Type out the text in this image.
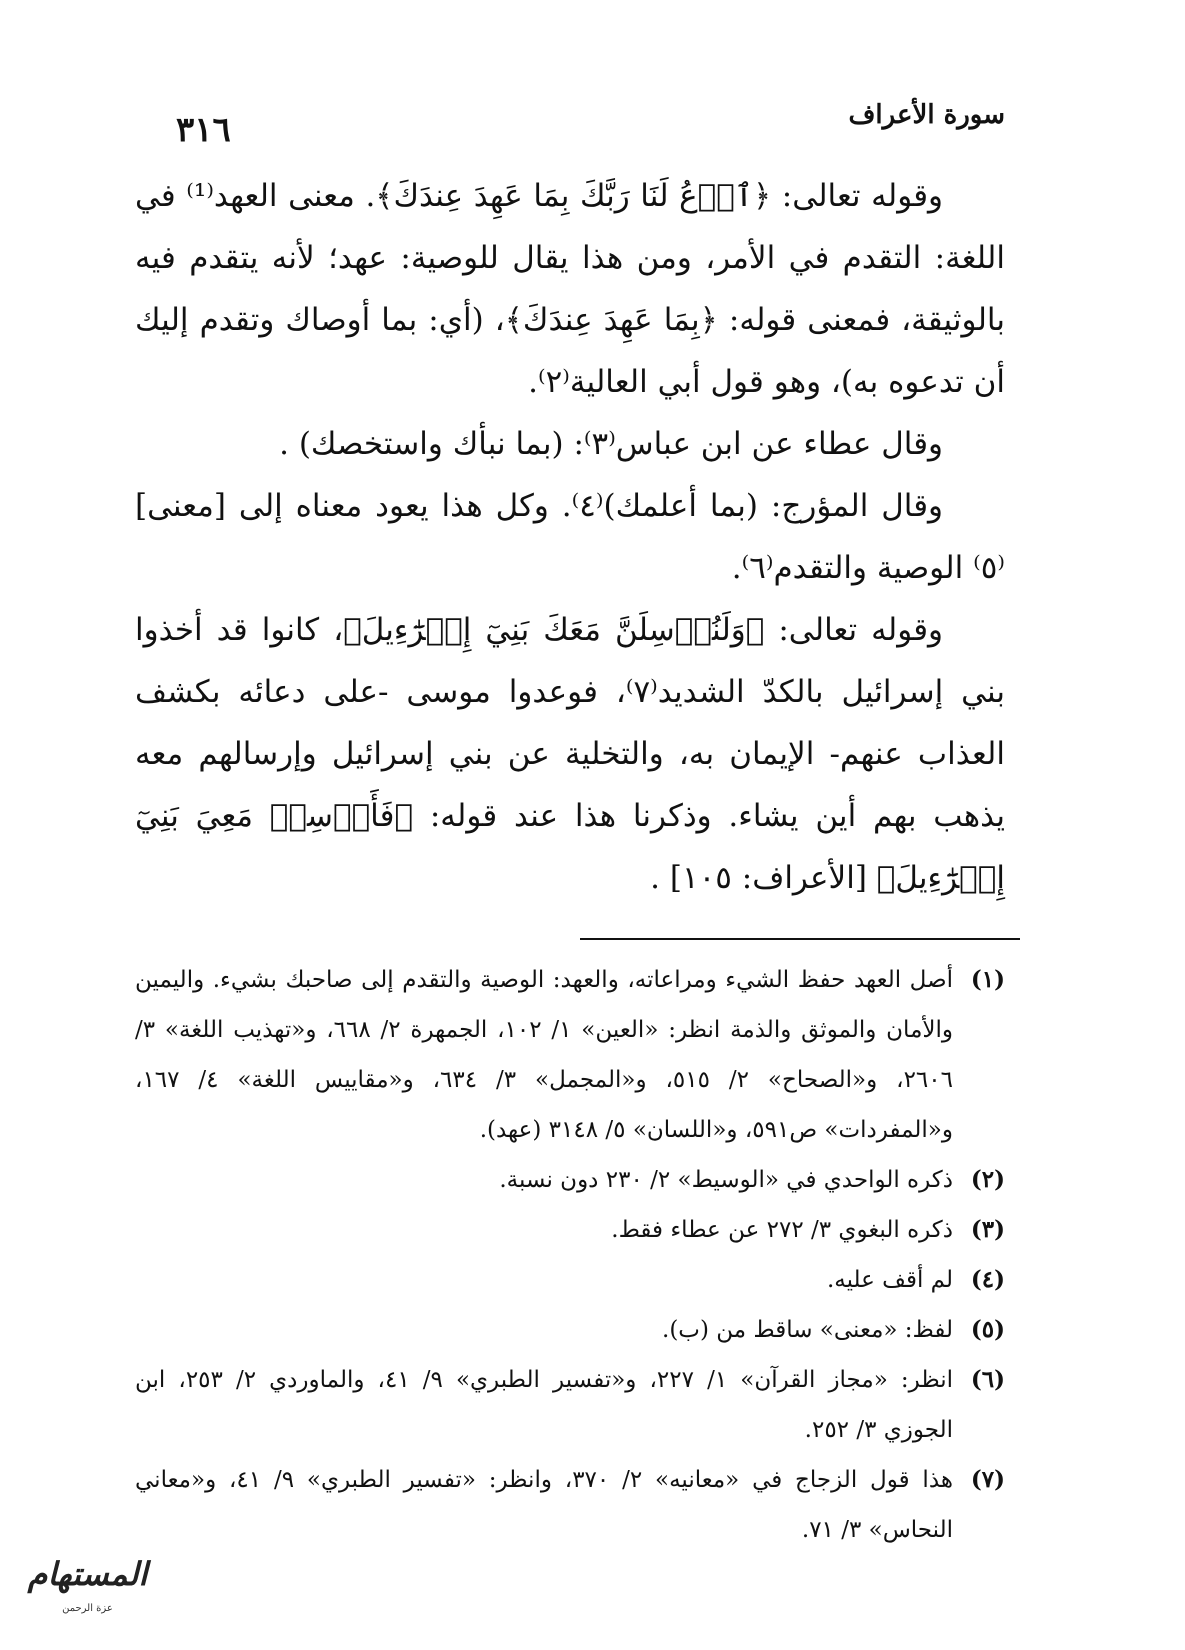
٣١٦	سورة الأعراف

وقوله تعالى: ﴿ٱدۡعُ لَنَا رَبَّكَ بِمَا عَهِدَ عِندَكَ﴾. معنى العهد⁽¹⁾ في اللغة: التقدم في الأمر، ومن هذا يقال للوصية: عهد؛ لأنه يتقدم فيه بالوثيقة، فمعنى قوله: ﴿بِمَا عَهِدَ عِندَكَ﴾، (أي: بما أوصاك وتقدم إليك أن تدعوه به)، وهو قول أبي العالية⁽٢⁾.

وقال عطاء عن ابن عباس⁽٣⁾: (بما نبأك واستخصك) .

وقال المؤرج: (بما أعلمك)⁽٤⁾. وكل هذا يعود معناه إلى [معنى]⁽٥⁾ الوصية والتقدم⁽٦⁾.

وقوله تعالى: ﴿وَلَنُرۡسِلَنَّ مَعَكَ بَنِيٓ إِسۡرَٰٓءِيلَ﴾، كانوا قد أخذوا بني إسرائيل بالكدّ الشديد⁽٧⁾، فوعدوا موسى -على دعائه بكشف العذاب عنهم- الإيمان به، والتخلية عن بني إسرائيل وإرسالهم معه يذهب بهم أين يشاء. وذكرنا هذا عند قوله: ﴿فَأَرۡسِلۡ مَعِيَ بَنِيٓ إِسۡرَٰٓءِيلَ﴾ [الأعراف: ١٠٥] .

(١)
أصل العهد حفظ الشيء ومراعاته، والعهد: الوصية والتقدم إلى صاحبك بشيء. واليمين والأمان والموثق والذمة انظر: «العين» ١/ ١٠٢، الجمهرة ٢/ ٦٦٨، و«تهذيب اللغة» ٣/ ٢٦٠٦، و«الصحاح» ٢/ ٥١٥، و«المجمل» ٣/ ٦٣٤، و«مقاييس اللغة» ٤/ ١٦٧، و«المفردات» ص٥٩١، و«اللسان» ٥/ ٣١٤٨ (عهد).
(٢)
ذكره الواحدي في «الوسيط» ٢/ ٢٣٠ دون نسبة.
(٣)
ذكره البغوي ٣/ ٢٧٢ عن عطاء فقط.
(٤)
لم أقف عليه.
(٥)
لفظ: «معنى» ساقط من (ب).
(٦)
انظر: «مجاز القرآن» ١/ ٢٢٧، و«تفسير الطبري» ٩/ ٤١، والماوردي ٢/ ٢٥٣، ابن الجوزي ٣/ ٢٥٢.
(٧)
هذا قول الزجاج في «معانيه» ٢/ ٣٧٠، وانظر: «تفسير الطبري» ٩/ ٤١، و«معاني النحاس» ٣/ ٧١.
المستهام
عزة الرحمن
